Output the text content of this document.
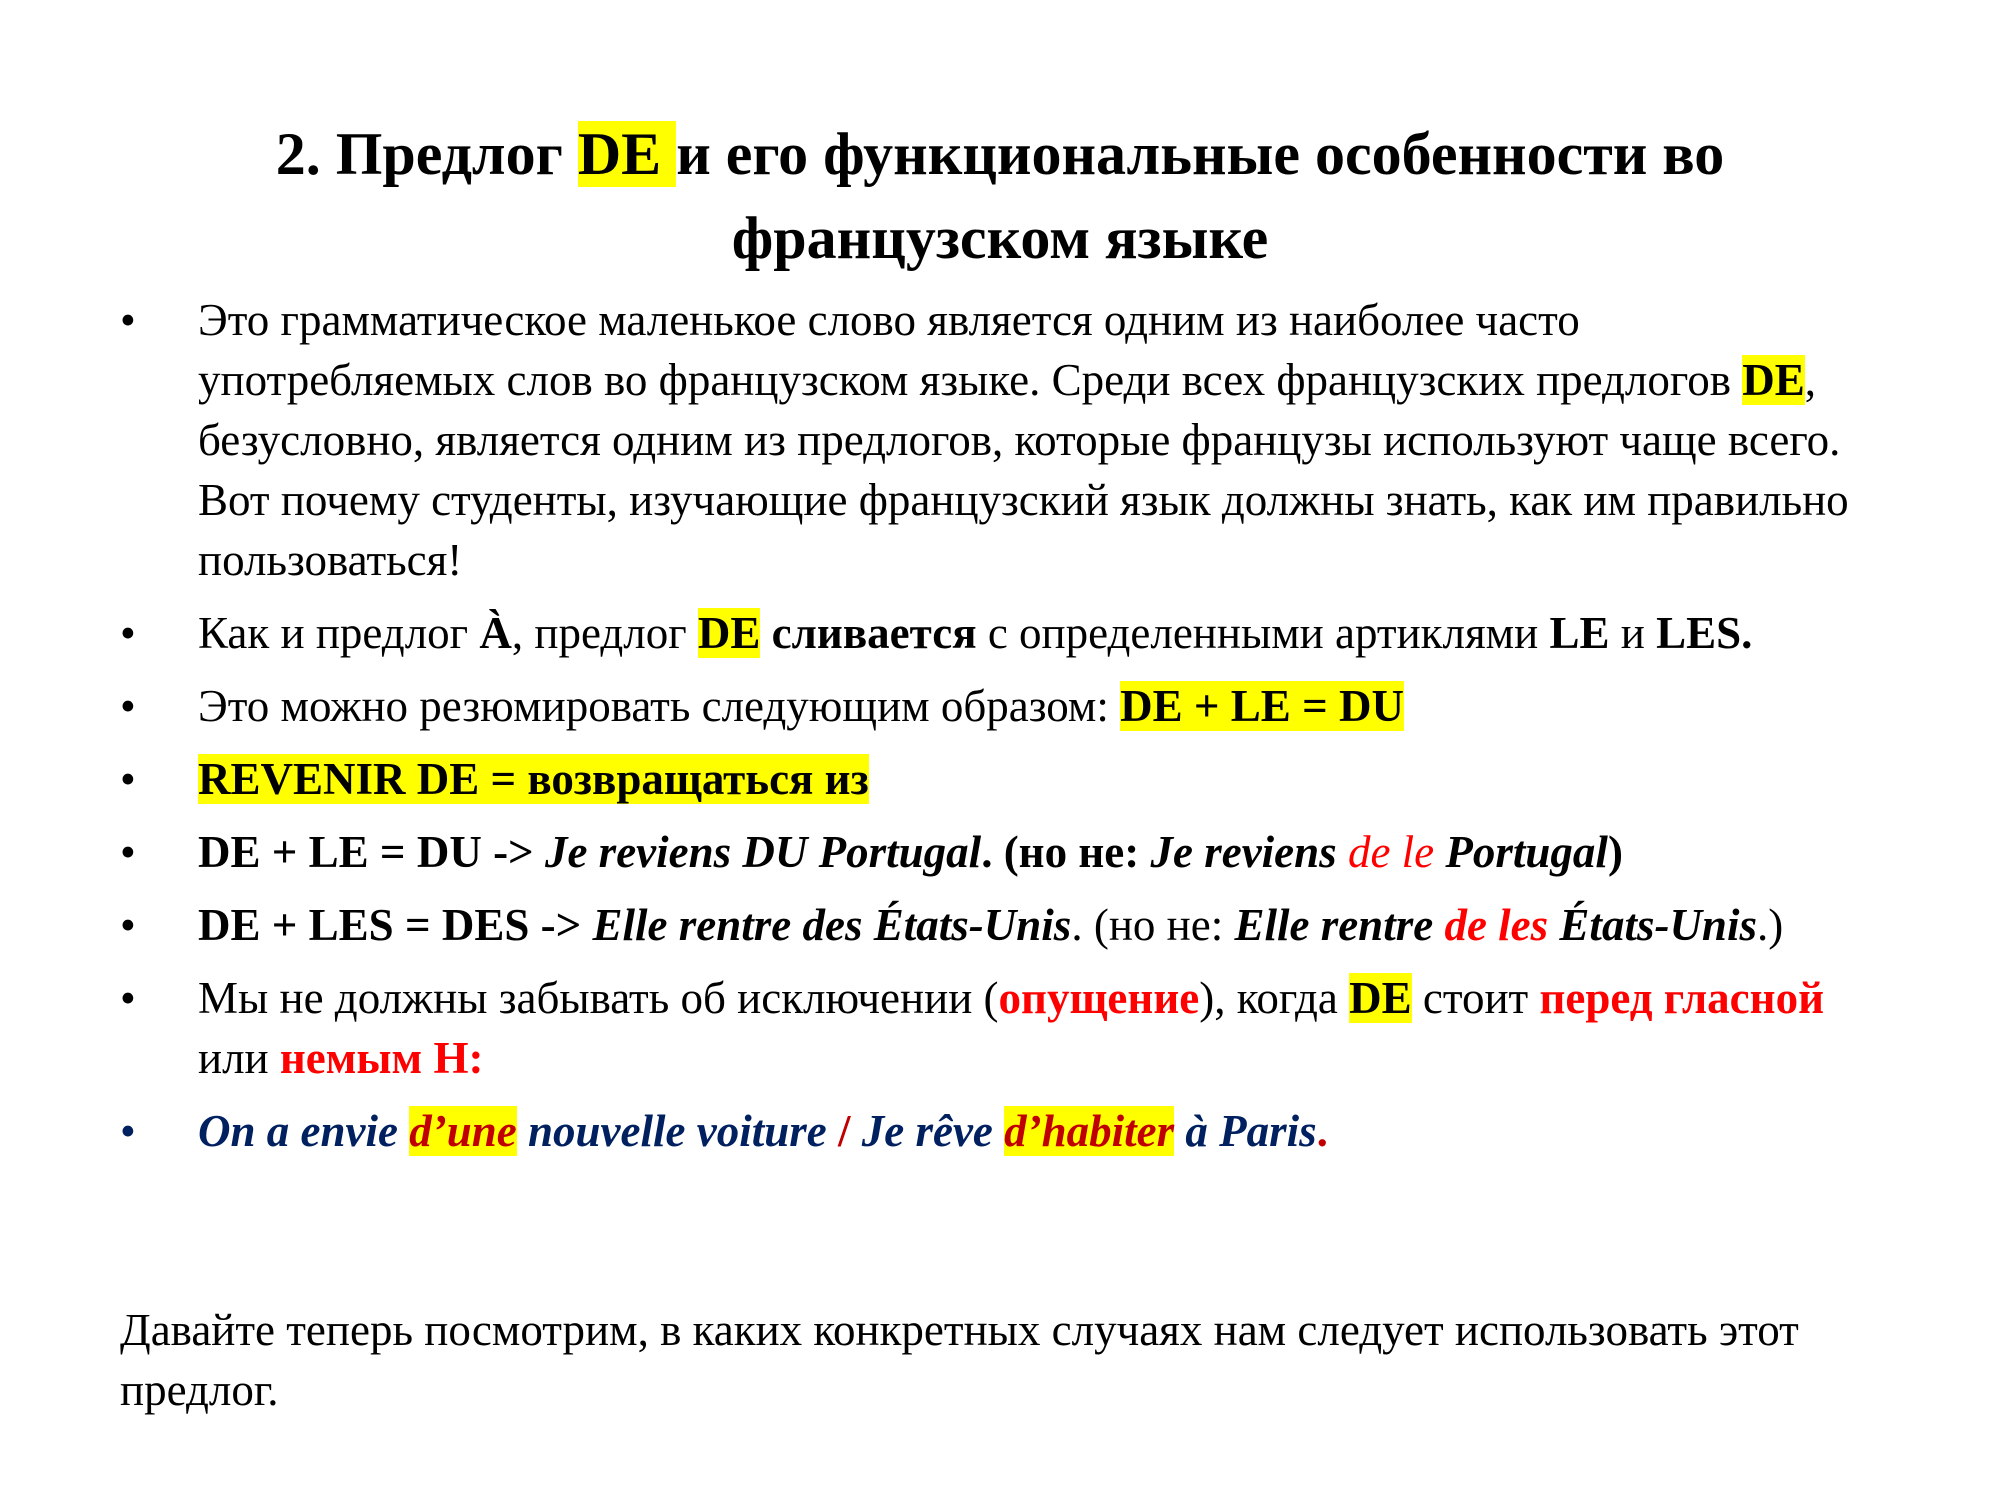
2. Предлог DE и его функциональные особенности во французском языке
•	Это грамматическое маленькое слово является одним из наиболее часто употребляемых слов во французском языке. Среди всех французских предлогов DE, безусловно, является одним из предлогов, которые французы используют чаще всего. Вот почему студенты, изучающие французский язык должны знать, как им правильно пользоваться!
•	Как и предлог À, предлог DE сливается с определенными артиклями LE и LES.
•	Это можно резюмировать следующим образом: DE + LE = DU
•	REVENIR DE = возвращаться из
•	DE + LE = DU -> Je reviens DU Portugal. (но не: Je reviens de le Portugal)
•	DE + LES = DES -> Elle rentre des États-Unis. (но не: Elle rentre de les États-Unis.)
•	Мы не должны забывать об исключении (опущение), когда DE стоит перед гласной или немым H:
•	On a envie d’une nouvelle voiture / Je rêve d’habiter à Paris.

Давайте теперь посмотрим, в каких конкретных случаях нам следует использовать этот предлог.
